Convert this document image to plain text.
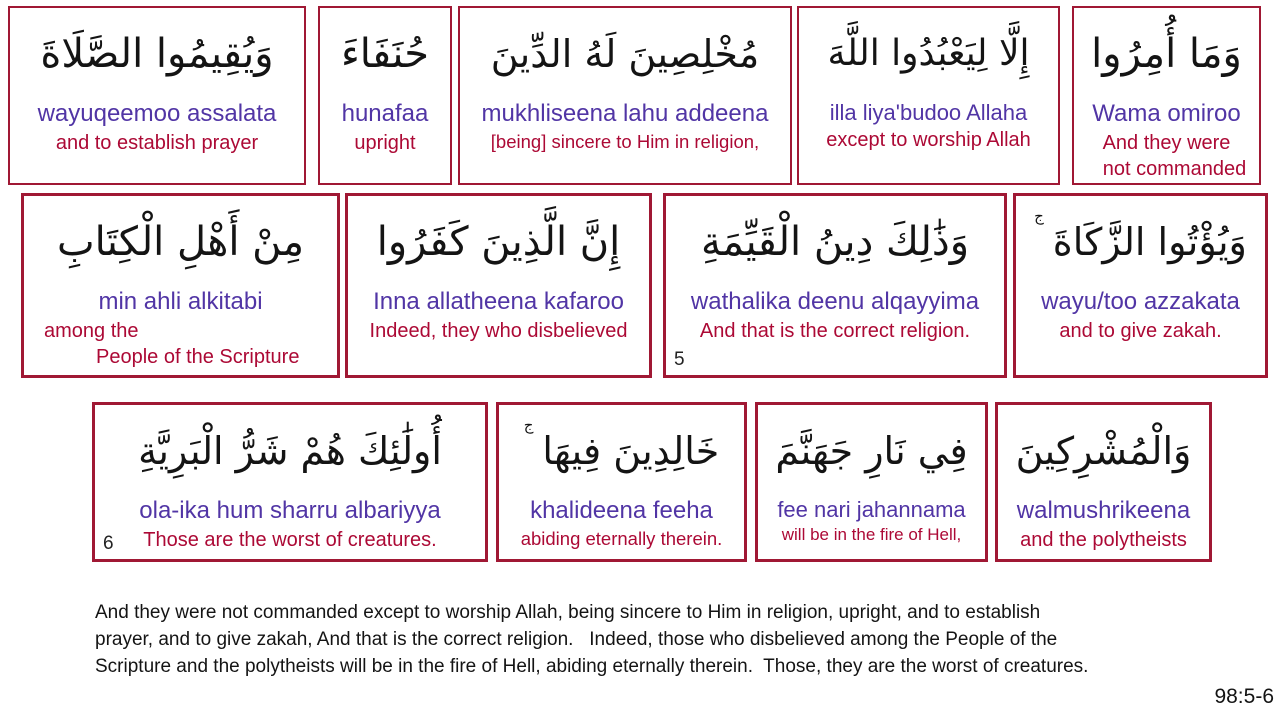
وَيُقِيمُوا الصَّلَاةَ
wayuqeemoo assalata
and to establish prayer
حُنَفَاءَ
hunafaa
upright
مُخْلِصِينَ لَهُ الدِّينَ
mukhliseena lahu addeena
[being] sincere to Him in religion,
إِلَّا لِيَعْبُدُوا اللَّهَ
illa liya'budoo Allaha
except to worship Allah
وَمَا أُمِرُوا
Wama omiroo
And they were
not commanded
مِنْ أَهْلِ الْكِتَابِ
min ahli alkitabi
among the
People of the Scripture
إِنَّ الَّذِينَ كَفَرُوا
Inna allatheena kafaroo
Indeed, they who disbelieved
وَذَٰلِكَ دِينُ الْقَيِّمَةِ
wathalika deenu alqayyima
And that is the correct religion.
5
وَيُؤْتُوا الزَّكَاةَ
ج
wayu/too azzakata
and to give zakah.
أُولَٰئِكَ هُمْ شَرُّ الْبَرِيَّةِ
ola-ika hum sharru albariyya
Those are the worst of creatures.
6
خَالِدِينَ فِيهَا
ج
khalideena feeha
abiding eternally therein.
فِي نَارِ جَهَنَّمَ
fee nari jahannama
will be in the fire of Hell,
وَالْمُشْرِكِينَ
walmushrikeena
and the polytheists
And they were not commanded except to worship Allah, being sincere to Him in religion, upright, and to establish
prayer, and to give zakah, And that is the correct religion.   Indeed, those who disbelieved among the People of the
Scripture and the polytheists will be in the fire of Hell, abiding eternally therein.  Those, they are the worst of creatures.
98:5-6
